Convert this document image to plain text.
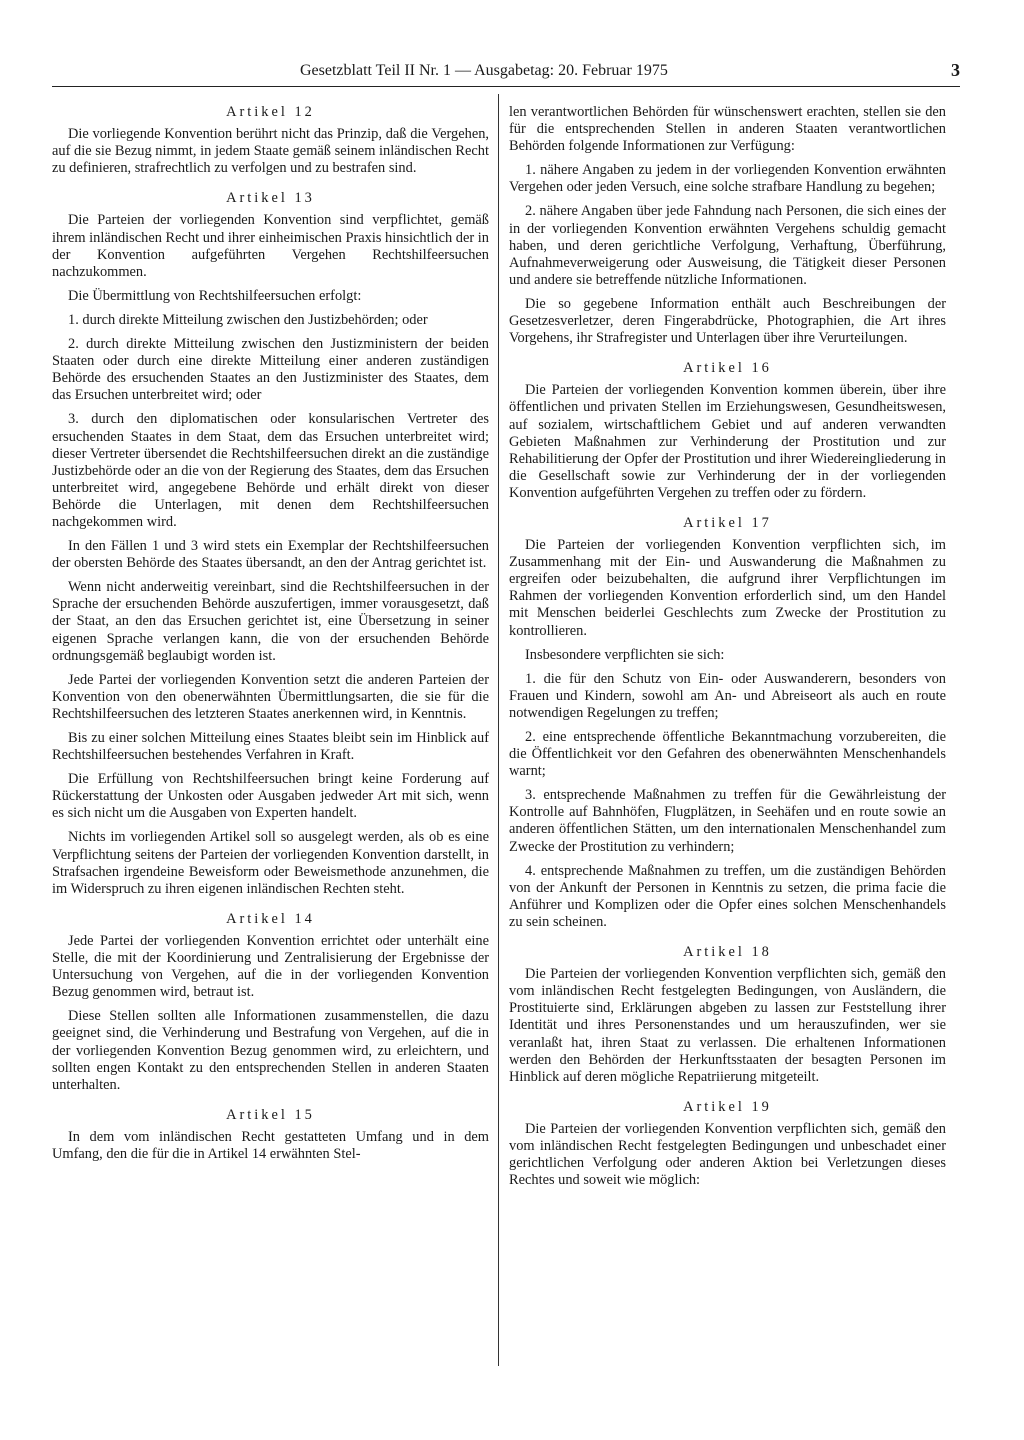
Gesetzblatt Teil II Nr. 1 — Ausgabetag: 20. Februar 1975	3
Artikel 12

Die vorliegende Konvention berührt nicht das Prinzip, daß die Vergehen, auf die sie Bezug nimmt, in jedem Staate gemäß seinem inländischen Recht zu definieren, strafrechtlich zu verfolgen und zu bestrafen sind.

Artikel 13

Die Parteien der vorliegenden Konvention sind verpflichtet, gemäß ihrem inländischen Recht und ihrer einheimischen Praxis hinsichtlich der in der Konvention aufgeführten Vergehen Rechtshilfeersuchen nachzukommen.

Die Übermittlung von Rechtshilfeersuchen erfolgt:

1. durch direkte Mitteilung zwischen den Justizbehörden; oder

2. durch direkte Mitteilung zwischen den Justizministern der beiden Staaten oder durch eine direkte Mitteilung einer anderen zuständigen Behörde des ersuchenden Staates an den Justizminister des Staates, dem das Ersuchen unterbreitet wird; oder

3. durch den diplomatischen oder konsularischen Vertreter des ersuchenden Staates in dem Staat, dem das Ersuchen unterbreitet wird; dieser Vertreter übersendet die Rechtshilfeersuchen direkt an die zuständige Justizbehörde oder an die von der Regierung des Staates, dem das Ersuchen unterbreitet wird, angegebene Behörde und erhält direkt von dieser Behörde die Unterlagen, mit denen dem Rechtshilfeersuchen nachgekommen wird.

In den Fällen 1 und 3 wird stets ein Exemplar der Rechtshilfeersuchen der obersten Behörde des Staates übersandt, an den der Antrag gerichtet ist.

Wenn nicht anderweitig vereinbart, sind die Rechtshilfeersuchen in der Sprache der ersuchenden Behörde auszufertigen, immer vorausgesetzt, daß der Staat, an den das Ersuchen gerichtet ist, eine Übersetzung in seiner eigenen Sprache verlangen kann, die von der ersuchenden Behörde ordnungsgemäß beglaubigt worden ist.

Jede Partei der vorliegenden Konvention setzt die anderen Parteien der Konvention von den obenerwähnten Übermittlungsarten, die sie für die Rechtshilfeersuchen des letzteren Staates anerkennen wird, in Kenntnis.

Bis zu einer solchen Mitteilung eines Staates bleibt sein im Hinblick auf Rechtshilfeersuchen bestehendes Verfahren in Kraft.

Die Erfüllung von Rechtshilfeersuchen bringt keine Forderung auf Rückerstattung der Unkosten oder Ausgaben jedweder Art mit sich, wenn es sich nicht um die Ausgaben von Experten handelt.

Nichts im vorliegenden Artikel soll so ausgelegt werden, als ob es eine Verpflichtung seitens der Parteien der vorliegenden Konvention darstellt, in Strafsachen irgendeine Beweisform oder Beweismethode anzunehmen, die im Widerspruch zu ihren eigenen inländischen Rechten steht.

Artikel 14

Jede Partei der vorliegenden Konvention errichtet oder unterhält eine Stelle, die mit der Koordinierung und Zentralisierung der Ergebnisse der Untersuchung von Vergehen, auf die in der vorliegenden Konvention Bezug genommen wird, betraut ist.

Diese Stellen sollten alle Informationen zusammenstellen, die dazu geeignet sind, die Verhinderung und Bestrafung von Vergehen, auf die in der vorliegenden Konvention Bezug genommen wird, zu erleichtern, und sollten engen Kontakt zu den entsprechenden Stellen in anderen Staaten unterhalten.

Artikel 15

In dem vom inländischen Recht gestatteten Umfang und in dem Umfang, den die für die in Artikel 14 erwähnten Stel-

len verantwortlichen Behörden für wünschenswert erachten, stellen sie den für die entsprechenden Stellen in anderen Staaten verantwortlichen Behörden folgende Informationen zur Verfügung:

1. nähere Angaben zu jedem in der vorliegenden Konvention erwähnten Vergehen oder jeden Versuch, eine solche strafbare Handlung zu begehen;

2. nähere Angaben über jede Fahndung nach Personen, die sich eines der in der vorliegenden Konvention erwähnten Vergehens schuldig gemacht haben, und deren gerichtliche Verfolgung, Verhaftung, Überführung, Aufnahmeverweigerung oder Ausweisung, die Tätigkeit dieser Personen und andere sie betreffende nützliche Informationen.

Die so gegebene Information enthält auch Beschreibungen der Gesetzesverletzer, deren Fingerabdrücke, Photographien, die Art ihres Vorgehens, ihr Strafregister und Unterlagen über ihre Verurteilungen.

Artikel 16

Die Parteien der vorliegenden Konvention kommen überein, über ihre öffentlichen und privaten Stellen im Erziehungswesen, Gesundheitswesen, auf sozialem, wirtschaftlichem Gebiet und auf anderen verwandten Gebieten Maßnahmen zur Verhinderung der Prostitution und zur Rehabilitierung der Opfer der Prostitution und ihrer Wiedereingliederung in die Gesellschaft sowie zur Verhinderung der in der vorliegenden Konvention aufgeführten Vergehen zu treffen oder zu fördern.

Artikel 17

Die Parteien der vorliegenden Konvention verpflichten sich, im Zusammenhang mit der Ein- und Auswanderung die Maßnahmen zu ergreifen oder beizubehalten, die aufgrund ihrer Verpflichtungen im Rahmen der vorliegenden Konvention erforderlich sind, um den Handel mit Menschen beiderlei Geschlechts zum Zwecke der Prostitution zu kontrollieren.

Insbesondere verpflichten sie sich:

1. die für den Schutz von Ein- oder Auswanderern, besonders von Frauen und Kindern, sowohl am An- und Abreiseort als auch en route notwendigen Regelungen zu treffen;

2. eine entsprechende öffentliche Bekanntmachung vorzubereiten, die die Öffentlichkeit vor den Gefahren des obenerwähnten Menschenhandels warnt;

3. entsprechende Maßnahmen zu treffen für die Gewährleistung der Kontrolle auf Bahnhöfen, Flugplätzen, in Seehäfen und en route sowie an anderen öffentlichen Stätten, um den internationalen Menschenhandel zum Zwecke der Prostitution zu verhindern;

4. entsprechende Maßnahmen zu treffen, um die zuständigen Behörden von der Ankunft der Personen in Kenntnis zu setzen, die prima facie die Anführer und Komplizen oder die Opfer eines solchen Menschenhandels zu sein scheinen.

Artikel 18

Die Parteien der vorliegenden Konvention verpflichten sich, gemäß den vom inländischen Recht festgelegten Bedingungen, von Ausländern, die Prostituierte sind, Erklärungen abgeben zu lassen zur Feststellung ihrer Identität und ihres Personenstandes und um herauszufinden, wer sie veranlaßt hat, ihren Staat zu verlassen. Die erhaltenen Informationen werden den Behörden der Herkunftsstaaten der besagten Personen im Hinblick auf deren mögliche Repatriierung mitgeteilt.

Artikel 19

Die Parteien der vorliegenden Konvention verpflichten sich, gemäß den vom inländischen Recht festgelegten Bedingungen und unbeschadet einer gerichtlichen Verfolgung oder anderen Aktion bei Verletzungen dieses Rechtes und soweit wie möglich:
